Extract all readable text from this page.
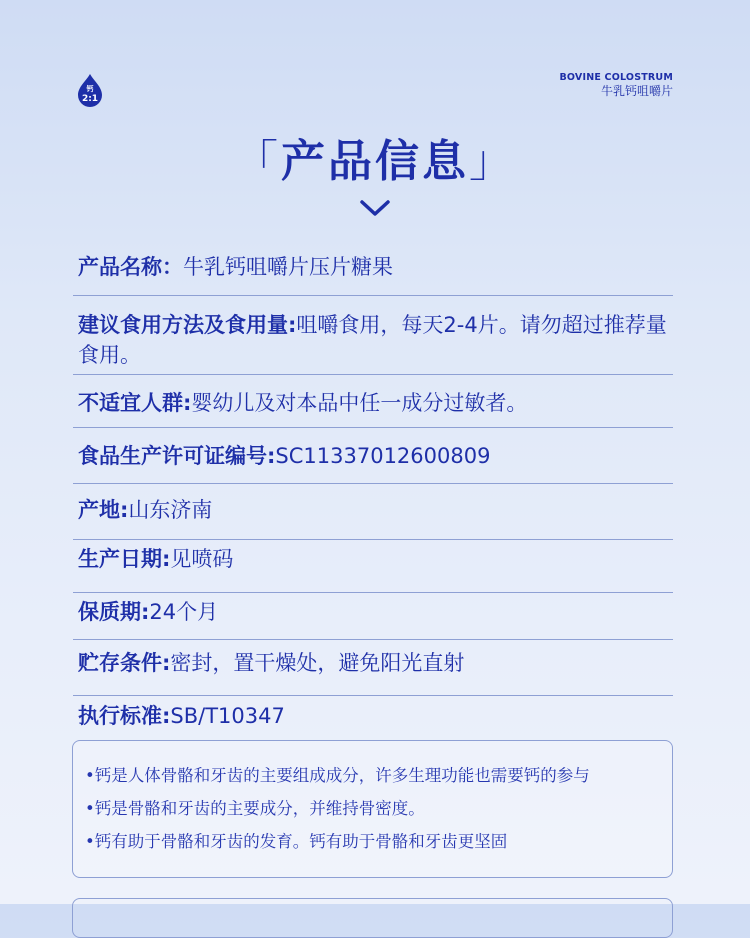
钙
2:1
BOVINE COLOSTRUM
牛乳钙咀嚼片
「产品信息」
产品名称：牛乳钙咀嚼片压片糖果
建议食用方法及食用量:咀嚼食用，每天2-4片。请勿超过推荐量食用。
不适宜人群:婴幼儿及对本品中任一成分过敏者。
食品生产许可证编号:SC11337012600809
产地:山东济南
生产日期:见喷码
保质期:24个月
贮存条件:密封，置干燥处，避免阳光直射
执行标准:SB/T10347
•钙是人体骨骼和牙齿的主要组成成分，许多生理功能也需要钙的参与
•钙是骨骼和牙齿的主要成分，并维持骨密度。
•钙有助于骨骼和牙齿的发育。钙有助于骨骼和牙齿更坚固
